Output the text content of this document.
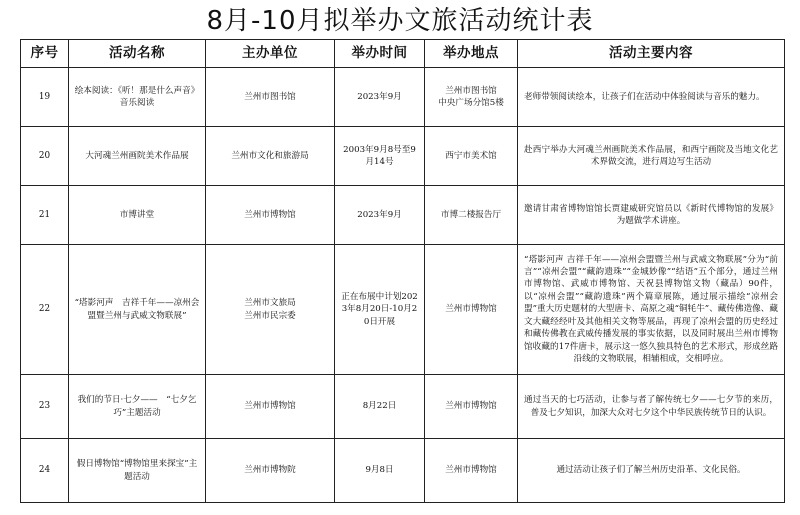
8月-10月拟举办文旅活动统计表
序号	活动名称	主办单位	举办时间	举办地点	活动主要内容
19	绘本阅读：《听！那是什么声音》音乐阅读	兰州市图书馆	2023年9月	兰州市图书馆
中央广场分馆5楼	老师带领阅读绘本，让孩子们在活动中体验阅读与音乐的魅力。
20	大河魂兰州画院美术作品展	兰州市文化和旅游局	2003年9月8号至9月14号	西宁市美术馆	赴西宁举办大河魂兰州画院美术作品展，和西宁画院及当地文化艺术界做交流，进行周边写生活动
21	市博讲堂	兰州市博物馆	2023年9月	市博二楼报告厅	邀请甘肃省博物馆馆长贾建威研究馆员以《新时代博物馆的发展》为题做学术讲座。
22	“塔影河声　吉祥千年——凉州会盟暨兰州与武威文物联展”	兰州市文旅局
兰州市民宗委	正在布展中计划2023年8月20日-10月20日开展	兰州市博物馆	“塔影河声 吉祥千年——凉州会盟暨兰州与武威文物联展”分为“前言”“凉州会盟”“藏韵遗珠”“金城妙像”“结语”五个部分，通过兰州市博物馆、武威市博物馆、天祝县博物馆文物（藏品）90件，以“凉州会盟”“藏韵遗珠”两个篇章展陈，通过展示描绘“凉州会盟”重大历史题材的大型唐卡、高原之魂“铜牦牛”、藏传佛造像、藏文大藏经经叶及其他相关文物等展品，再现了凉州会盟的历史经过和藏传佛教在武威传播发展的事实依据，以及同时展出兰州市博物馆收藏的17件唐卡，展示这一悠久独具特色的艺术形式，形成丝路沿线的文物联展，相辅相成，交相呼应。
23	我们的节日·七夕——　“七夕乞巧”主题活动	兰州市博物馆	8月22日	兰州市博物馆	通过当天的七巧活动，让参与者了解传统七夕——七夕节的来历，普及七夕知识，加深大众对七夕这个中华民族传统节日的认识。
24	假日博物馆“博物馆里来探宝”主题活动	兰州市博物院	9月8日	兰州市博物馆	通过活动让孩子们了解兰州历史沿革、文化民俗。
